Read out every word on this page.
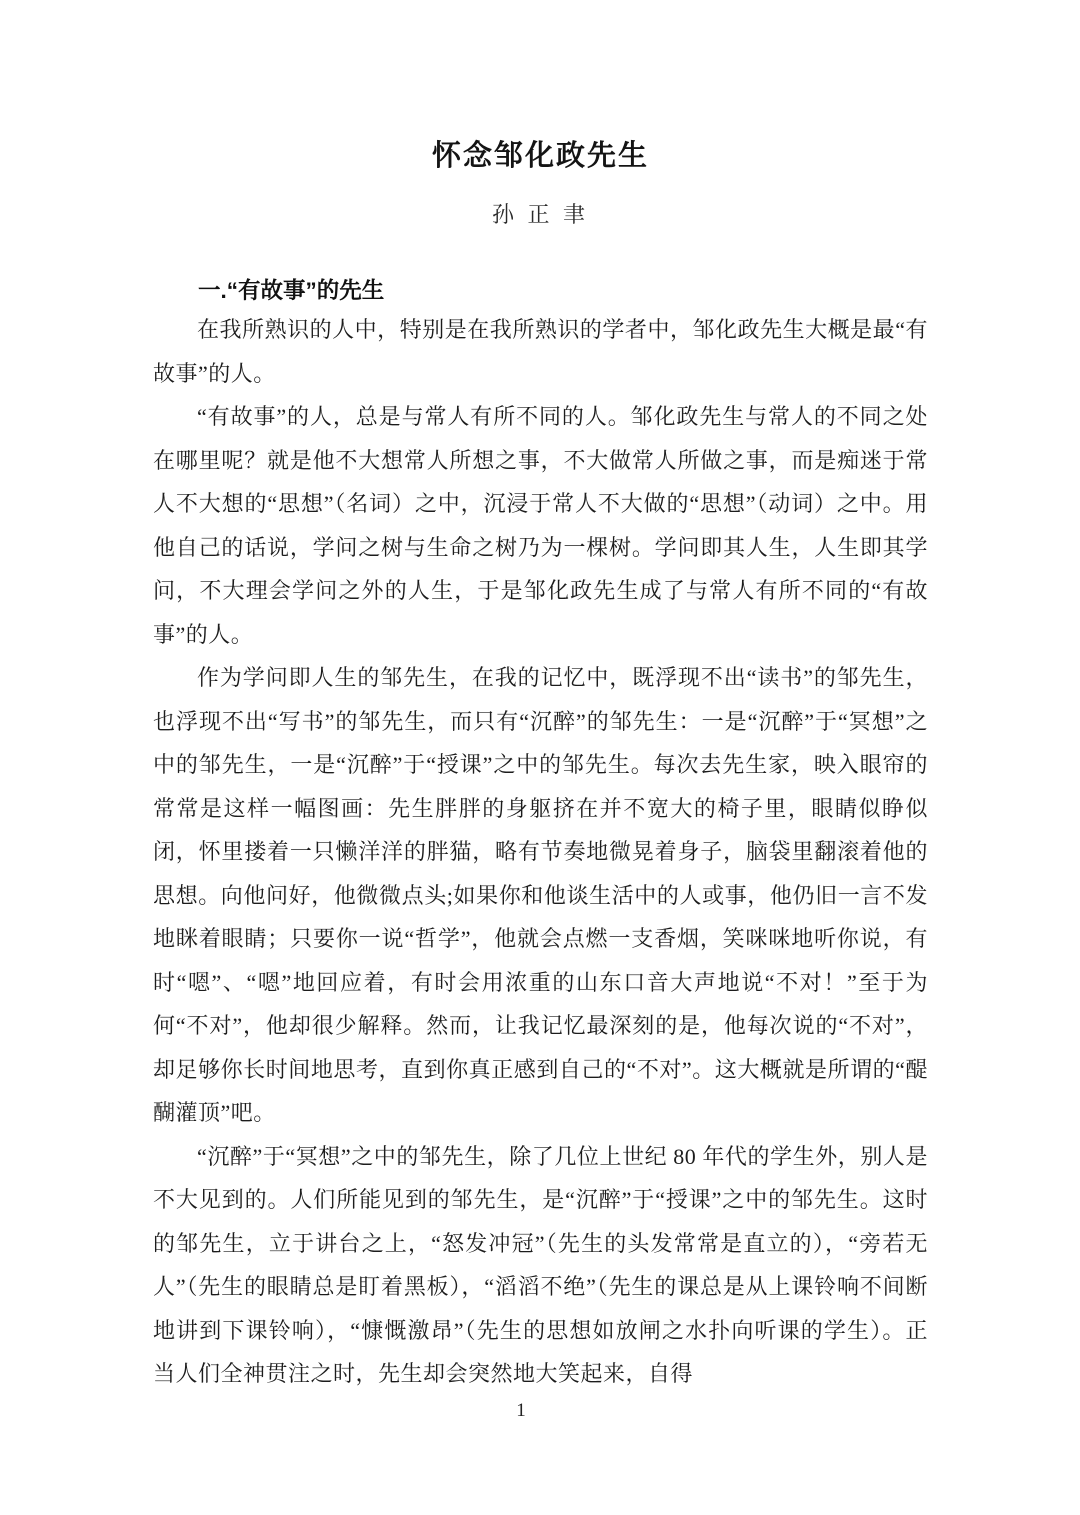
怀念邹化政先生
孙 正 聿
一.“有故事”的先生

在我所熟识的人中，特别是在我所熟识的学者中，邹化政先生大概是最“有故事”的人。

“有故事”的人，总是与常人有所不同的人。邹化政先生与常人的不同之处在哪里呢？就是他不大想常人所想之事，不大做常人所做之事，而是痴迷于常人不大想的“思想”（名词）之中，沉浸于常人不大做的“思想”（动词）之中。用他自己的话说，学问之树与生命之树乃为一棵树。学问即其人生，人生即其学问，不大理会学问之外的人生，于是邹化政先生成了与常人有所不同的“有故事”的人。

作为学问即人生的邹先生，在我的记忆中，既浮现不出“读书”的邹先生，也浮现不出“写书”的邹先生，而只有“沉醉”的邹先生：一是“沉醉”于“冥想”之中的邹先生，一是“沉醉”于“授课”之中的邹先生。每次去先生家，映入眼帘的常常是这样一幅图画：先生胖胖的身躯挤在并不宽大的椅子里，眼睛似睁似闭，怀里搂着一只懒洋洋的胖猫，略有节奏地微晃着身子，脑袋里翻滚着他的思想。向他问好，他微微点头;如果你和他谈生活中的人或事，他仍旧一言不发地眯着眼睛；只要你一说“哲学”，他就会点燃一支香烟，笑咪咪地听你说，有时“嗯”、“嗯”地回应着，有时会用浓重的山东口音大声地说“不对！”至于为何“不对”，他却很少解释。然而，让我记忆最深刻的是，他每次说的“不对”，却足够你长时间地思考，直到你真正感到自己的“不对”。这大概就是所谓的“醍醐灌顶”吧。

“沉醉”于“冥想”之中的邹先生，除了几位上世纪 80 年代的学生外，别人是不大见到的。人们所能见到的邹先生，是“沉醉”于“授课”之中的邹先生。这时的邹先生，立于讲台之上，“怒发冲冠”（先生的头发常常是直立的），“旁若无人”（先生的眼睛总是盯着黑板），“滔滔不绝”（先生的课总是从上课铃响不间断地讲到下课铃响），“慷慨激昂”（先生的思想如放闸之水扑向听课的学生）。正当人们全神贯注之时，先生却会突然地大笑起来，自得

1
